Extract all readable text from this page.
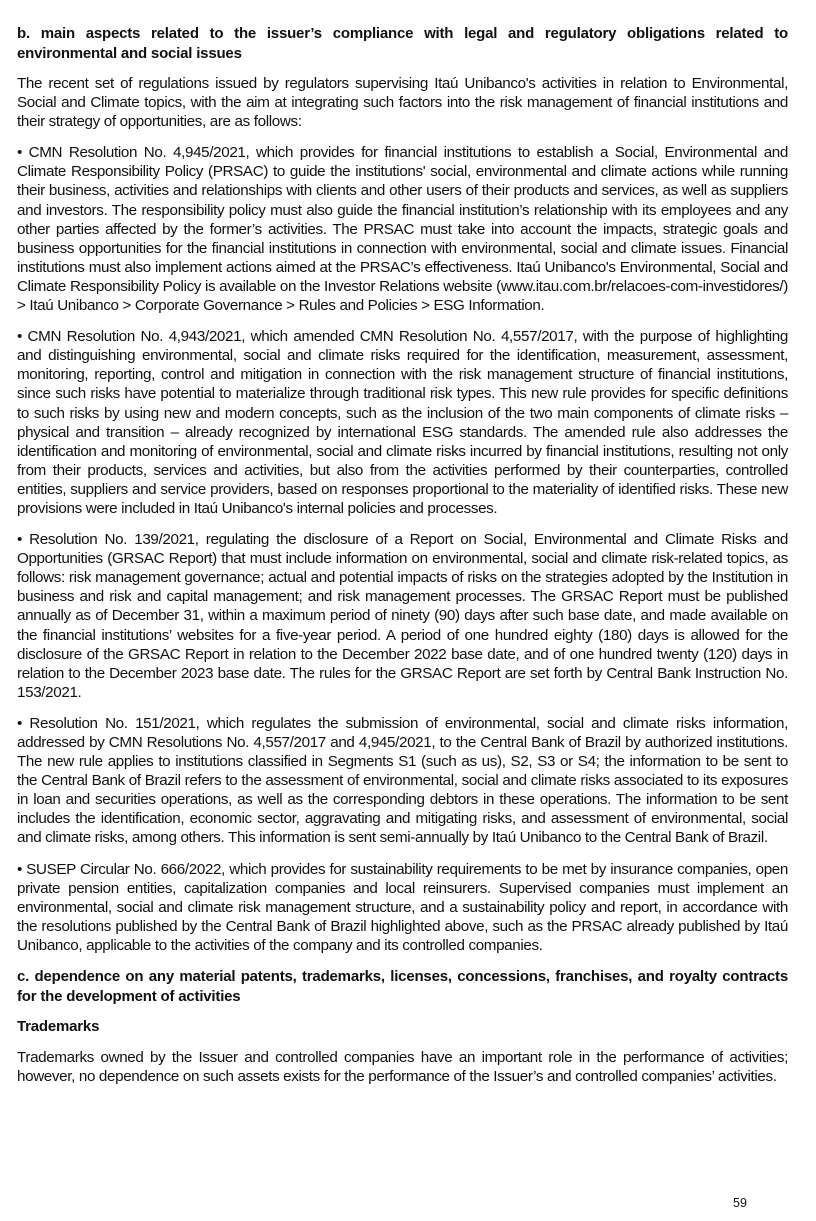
b. main aspects related to the issuer’s compliance with legal and regulatory obligations related to environmental and social issues

The recent set of regulations issued by regulators supervising Itaú Unibanco's activities in relation to Environmental, Social and Climate topics, with the aim at integrating such factors into the risk management of financial institutions and their strategy of opportunities, are as follows:

• CMN Resolution No. 4,945/2021, which provides for financial institutions to establish a Social, Environmental and Climate Responsibility Policy (PRSAC) to guide the institutions' social, environmental and climate actions while running their business, activities and relationships with clients and other users of their products and services, as well as suppliers and investors. The responsibility policy must also guide the financial institution’s relationship with its employees and any other parties affected by the former’s activities. The PRSAC must take into account the impacts, strategic goals and business opportunities for the financial institutions in connection with environmental, social and climate issues. Financial institutions must also implement actions aimed at the PRSAC’s effectiveness. Itaú Unibanco's Environmental, Social and Climate Responsibility Policy is available on the Investor Relations website (www.itau.com.br/relacoes-com-investidores/) > Itaú Unibanco > Corporate Governance > Rules and Policies > ESG Information.

• CMN Resolution No. 4,943/2021, which amended CMN Resolution No. 4,557/2017, with the purpose of highlighting and distinguishing environmental, social and climate risks required for the identification, measurement, assessment, monitoring, reporting, control and mitigation in connection with the risk management structure of financial institutions, since such risks have potential to materialize through traditional risk types. This new rule provides for specific definitions to such risks by using new and modern concepts, such as the inclusion of the two main components of climate risks – physical and transition – already recognized by international ESG standards. The amended rule also addresses the identification and monitoring of environmental, social and climate risks incurred by financial institutions, resulting not only from their products, services and activities, but also from the activities performed by their counterparties, controlled entities, suppliers and service providers, based on responses proportional to the materiality of identified risks. These new provisions were included in Itaú Unibanco's internal policies and processes.

• Resolution No. 139/2021, regulating the disclosure of a Report on Social, Environmental and Climate Risks and Opportunities (GRSAC Report) that must include information on environmental, social and climate risk-related topics, as follows: risk management governance; actual and potential impacts of risks on the strategies adopted by the Institution in business and risk and capital management; and risk management processes. The GRSAC Report must be published annually as of December 31, within a maximum period of ninety (90) days after such base date, and made available on the financial institutions’ websites for a five-year period. A period of one hundred eighty (180) days is allowed for the disclosure of the GRSAC Report in relation to the December 2022 base date, and of one hundred twenty (120) days in relation to the December 2023 base date. The rules for the GRSAC Report are set forth by Central Bank Instruction No. 153/2021.

• Resolution No. 151/2021, which regulates the submission of environmental, social and climate risks information, addressed by CMN Resolutions No. 4,557/2017 and 4,945/2021, to the Central Bank of Brazil by authorized institutions. The new rule applies to institutions classified in Segments S1 (such as us), S2, S3 or S4; the information to be sent to the Central Bank of Brazil refers to the assessment of environmental, social and climate risks associated to its exposures in loan and securities operations, as well as the corresponding debtors in these operations. The information to be sent includes the identification, economic sector, aggravating and mitigating risks, and assessment of environmental, social and climate risks, among others. This information is sent semi-annually by Itaú Unibanco to the Central Bank of Brazil.

• SUSEP Circular No. 666/2022, which provides for sustainability requirements to be met by insurance companies, open private pension entities, capitalization companies and local reinsurers. Supervised companies must implement an environmental, social and climate risk management structure, and a sustainability policy and report, in accordance with the resolutions published by the Central Bank of Brazil highlighted above, such as the PRSAC already published by Itaú Unibanco, applicable to the activities of the company and its controlled companies.

c. dependence on any material patents, trademarks, licenses, concessions, franchises, and royalty contracts for the development of activities

Trademarks

Trademarks owned by the Issuer and controlled companies have an important role in the performance of activities; however, no dependence on such assets exists for the performance of the Issuer’s and controlled companies’ activities.

59
